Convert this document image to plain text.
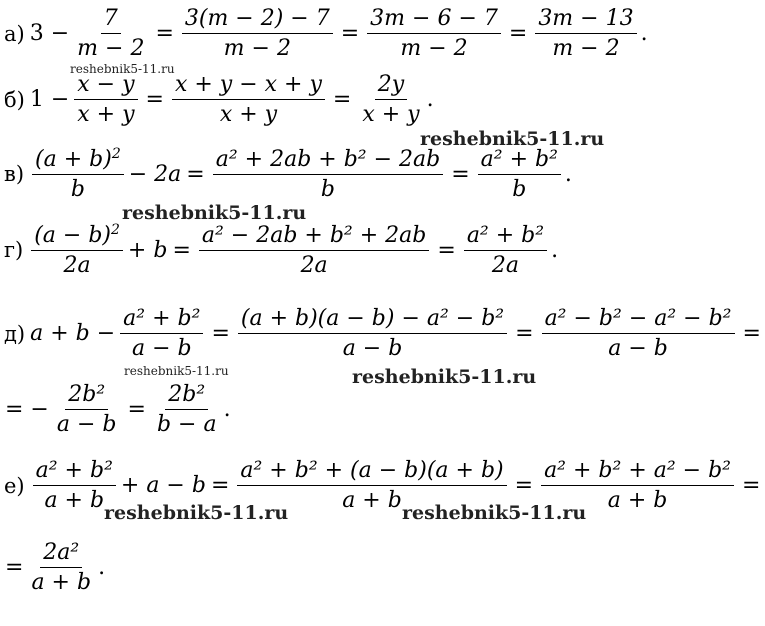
а) $3 - \frac{7}{m - 2} = \frac{3(m - 2) - 7}{m - 2} = \frac{3m - 6 - 7}{m - 2} = \frac{3m - 13}{m - 2}$ .
б) $1 - \frac{x - y}{x + y} = \frac{x + y - x + y}{x + y} = \frac{2y}{x + y}$ .
$в) \frac{(a + b)^2}{b} - 2a = \frac{\text{a² + 2ab + b² − 2ab}}{b} = \frac{\text{a² + b²}}{b}$ .
$г) \frac{(a - b)^2}{2a} + b = \frac{\text{a² − 2ab + b² + 2ab}}{2a} = \frac{\text{a² + b²}}{2a}$ .
д) $a + b - \frac{\text{a² + b²}}{a - b} = \frac{\text{(a + b)(a − b) − a² − b²}}{a - b} = \frac{\text{a² − b² − a² − b²}}{a - b}$ =
= − $\frac{\text{2b²}}{a - b} = \frac{\text{2b²}}{b - a}$ .
$е) \frac{\text{a² + b²}}{a + b} + a - b = \frac{\text{a² + b² + (a − b)(a + b)}}{a + b} = \frac{\text{a² + b² + a² − b²}}{a + b}$ =
= $\frac{\text{2a²}}{a + b}$ .
reshebnik5-11.ru
reshebnik5-11.ru
reshebnik5-11.ru
reshebnik5-11.ru	reshebnik5-11.ru
reshebnik5-11.ru	reshebnik5-11.ru
